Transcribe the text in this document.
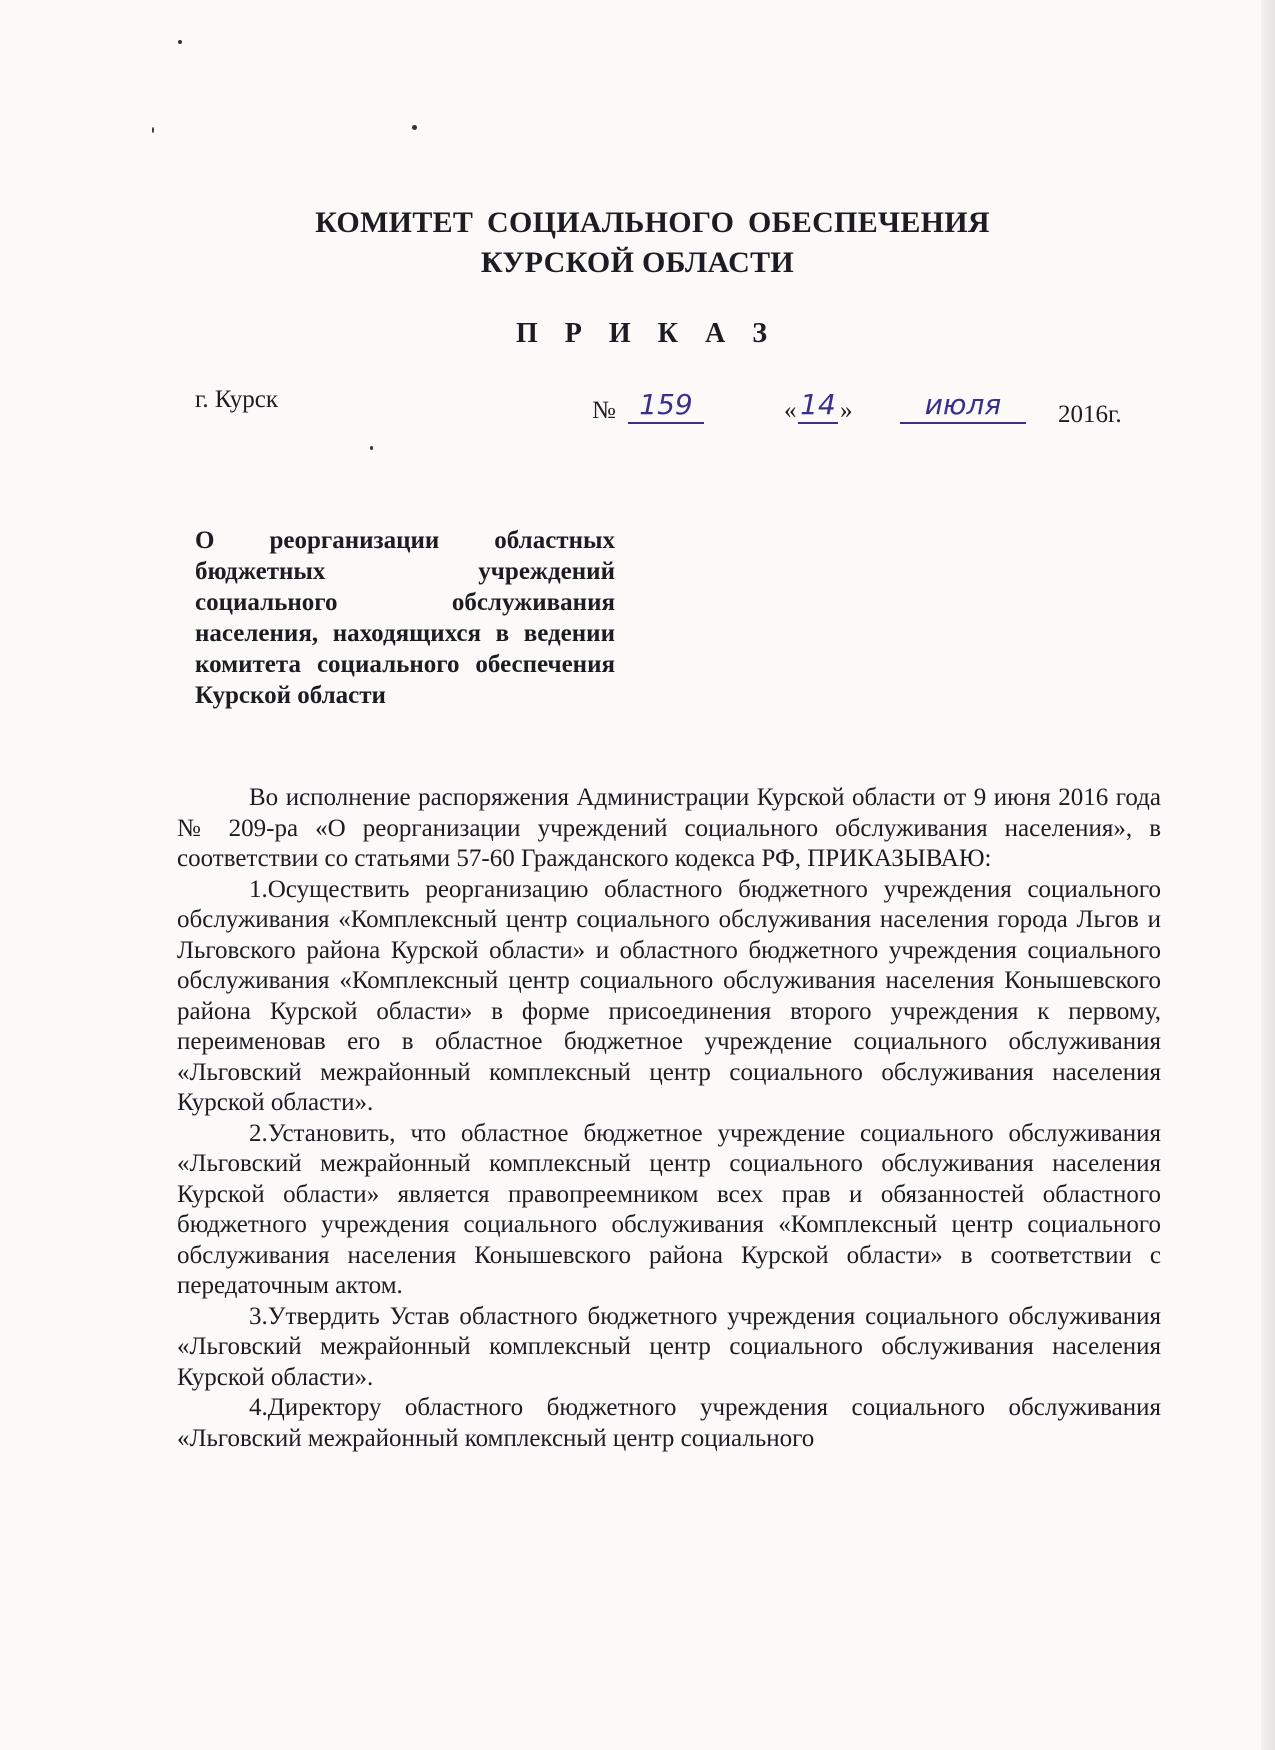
КОМИТЕТ СОЦИАЛЬНОГО ОБЕСПЕЧЕНИЯ
КУРСКОЙ ОБЛАСТИ
П Р И К А З
г. Курск	№ 159	« 14 »	июля	2016г.
О реорганизации областных бюджетных учреждений социального обслуживания населения, находящихся в ведении комитета социального обеспечения Курской области

Во исполнение распоряжения Администрации Курской области от 9 июня 2016 года № 209-ра «О реорганизации учреждений социального обслуживания населения», в соответствии со статьями 57-60 Гражданского кодекса РФ, ПРИКАЗЫВАЮ:

1.Осуществить реорганизацию областного бюджетного учреждения социального обслуживания «Комплексный центр социального обслуживания населения города Льгов и Льговского района Курской области» и областного бюджетного учреждения социального обслуживания «Комплексный центр социального обслуживания населения Конышевского района Курской области» в форме присоединения второго учреждения к первому, переименовав его в областное бюджетное учреждение социального обслуживания «Льговский межрайонный комплексный центр социального обслуживания населения Курской области».

2.Установить, что областное бюджетное учреждение социального обслуживания «Льговский межрайонный комплексный центр социального обслуживания населения Курской области» является правопреемником всех прав и обязанностей областного бюджетного учреждения социального обслуживания «Комплексный центр социального обслуживания населения Конышевского района Курской области» в соответствии с передаточным актом.

3.Утвердить Устав областного бюджетного учреждения социального обслуживания «Льговский межрайонный комплексный центр социального обслуживания населения Курской области».

4.Директору областного бюджетного учреждения социального обслуживания «Льговский межрайонный комплексный центр социального
